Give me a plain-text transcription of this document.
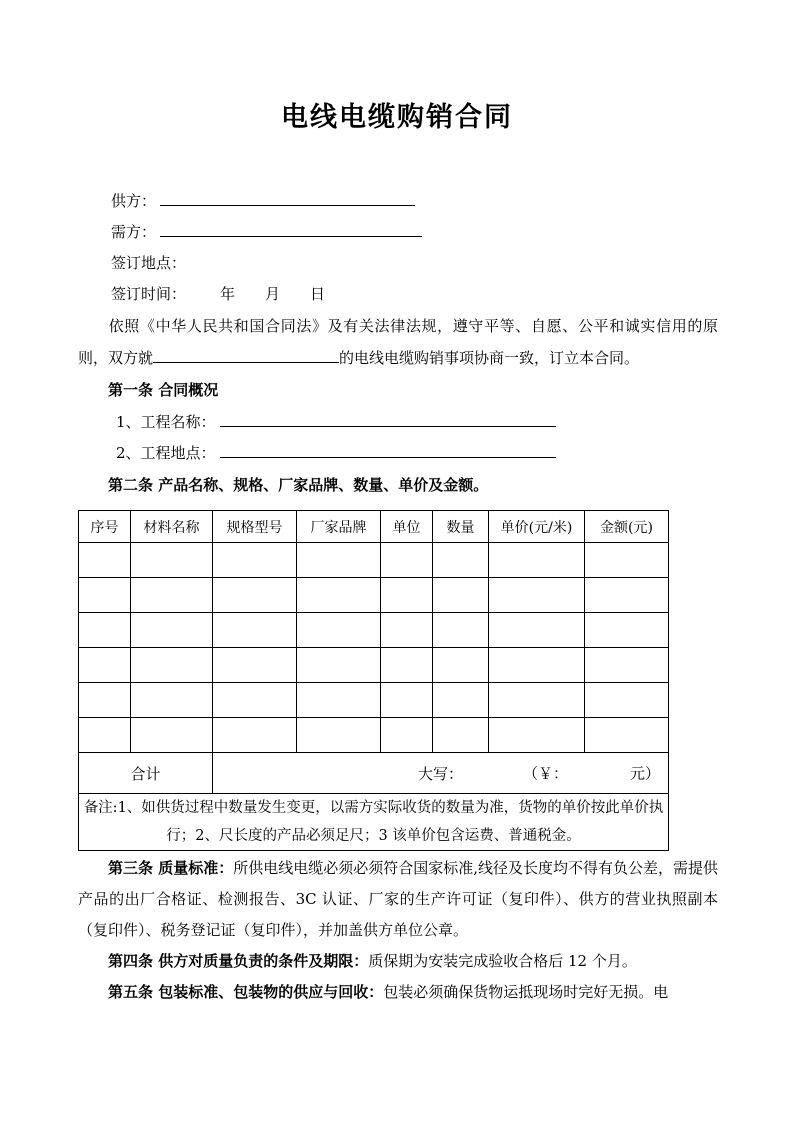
电线电缆购销合同
供方：
需方：
签订地点：
签订时间： 年 月 日
依照《中华人民共和国合同法》及有关法律法规，遵守平等、自愿、公平和诚实信用的原则，双方就	的电线电缆购销事项协商一致，订立本合同。
第一条 合同概况
1、工程名称：
2、工程地点：
第二条 产品名称、规格、厂家品牌、数量、单价及金额。
序号	材料名称	规格型号	厂家品牌	单位	数量	单价(元/米)	金额(元)

合计		大写： （￥： 元）					

备注:1、如供货过程中数量发生变更，以需方实际收货的数量为准，货物的单价按此单价执行；2、尺长度的产品必须足尺；3 该单价包含运费、普通税金。							
第三条 质量标准：所供电线电缆必须必须符合国家标准,线径及长度均不得有负公差，需提供产品的出厂合格证、检测报告、3C 认证、厂家的生产许可证（复印件）、供方的营业执照副本（复印件）、税务登记证（复印件），并加盖供方单位公章。
第四条 供方对质量负责的条件及期限：质保期为安装完成验收合格后 12 个月。
第五条 包装标准、包装物的供应与回收：包装必须确保货物运抵现场时完好无损。电
